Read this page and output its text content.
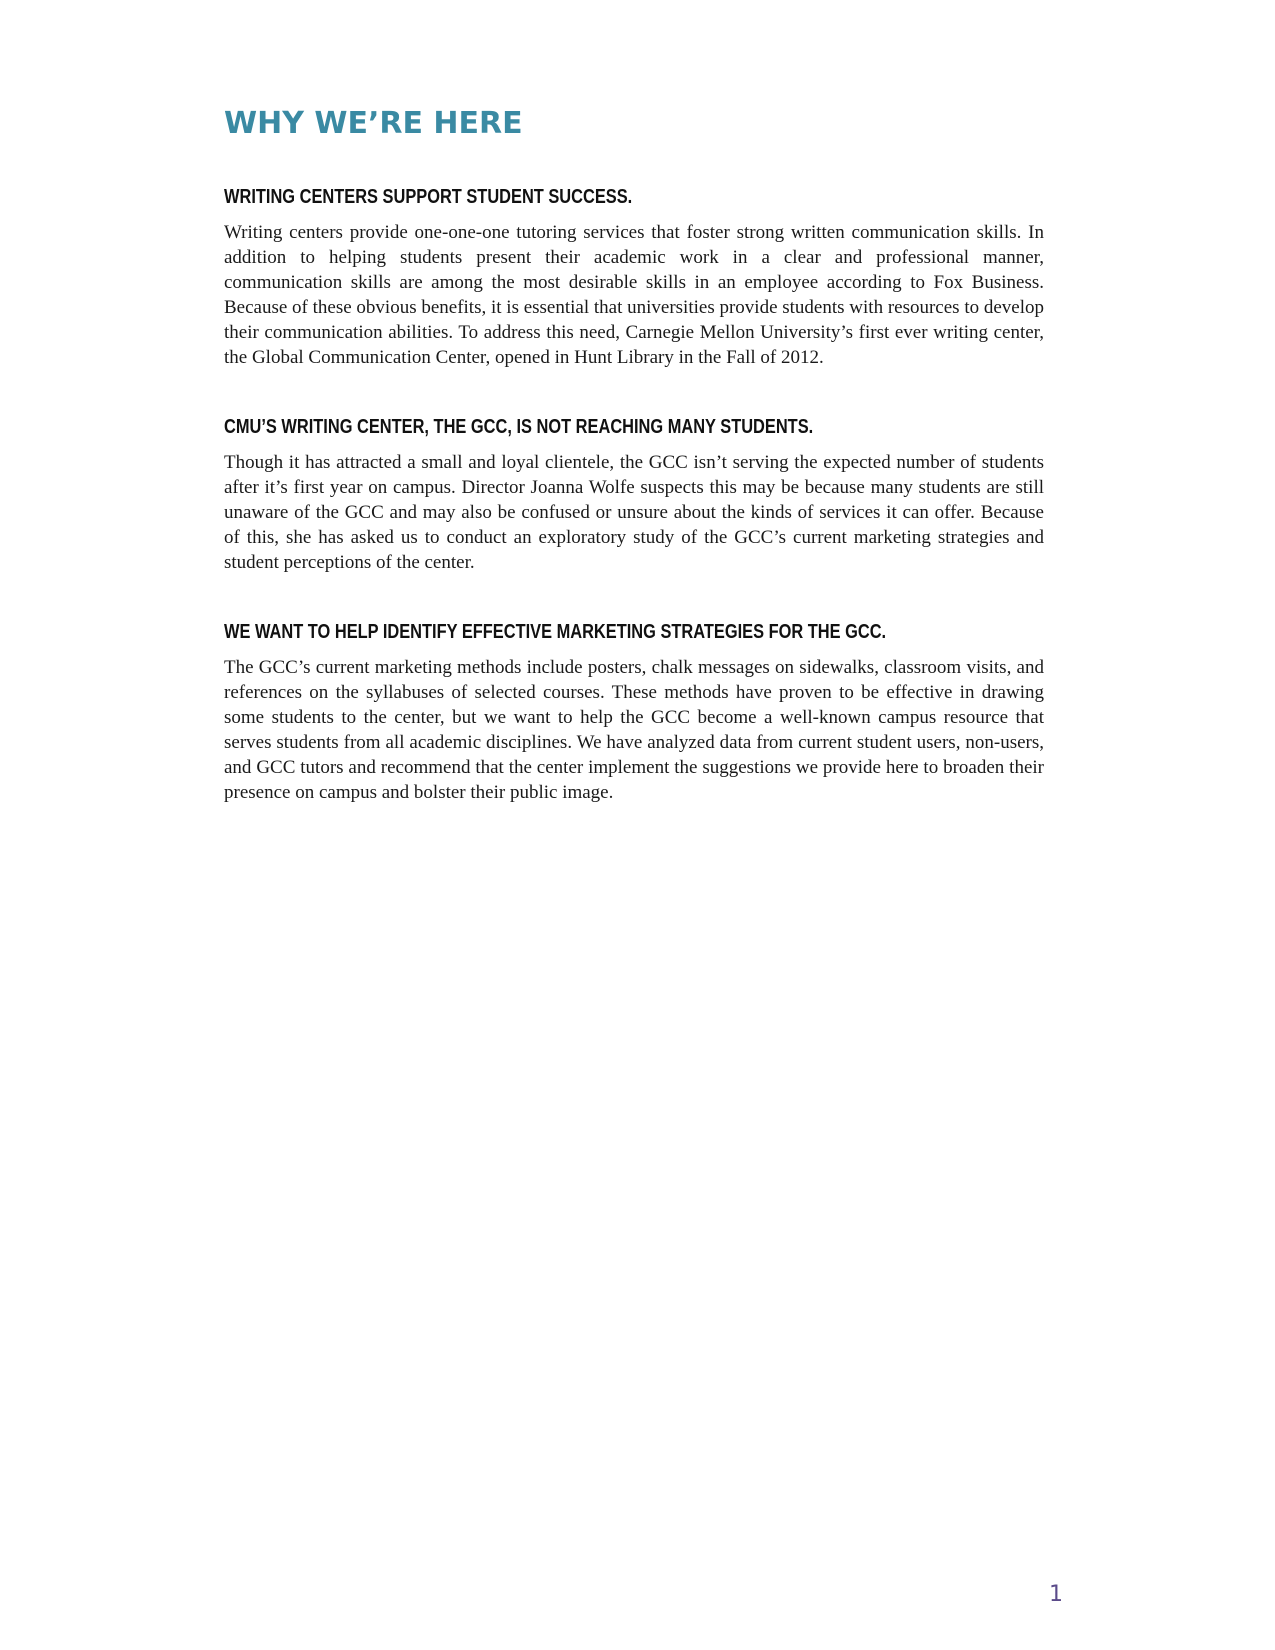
WHY WE’RE HERE
WRITING CENTERS SUPPORT STUDENT SUCCESS.

Writing centers provide one-one-one tutoring services that foster strong written communication skills. In addition to helping students present their academic work in a clear and professional manner, communication skills are among the most desirable skills in an employee according to Fox Business. Because of these obvious benefits, it is essential that universities provide students with resources to develop their communication abilities. To address this need, Carnegie Mellon University’s first ever writing center, the Global Communication Center, opened in Hunt Library in the Fall of 2012.

CMU’S WRITING CENTER, THE GCC, IS NOT REACHING MANY STUDENTS.

Though it has attracted a small and loyal clientele, the GCC isn’t serving the expected number of students after it’s first year on campus. Director Joanna Wolfe suspects this may be because many students are still unaware of the GCC and may also be confused or unsure about the kinds of services it can offer. Because of this, she has asked us to conduct an exploratory study of the GCC’s current marketing strategies and student perceptions of the center.

WE WANT TO HELP IDENTIFY EFFECTIVE MARKETING STRATEGIES FOR THE GCC.

The GCC’s current marketing methods include posters, chalk messages on sidewalks, classroom visits, and references on the syllabuses of selected courses. These methods have proven to be effective in drawing some students to the center, but we want to help the GCC become a well-known campus resource that serves students from all academic disciplines. We have analyzed data from current student users, non-users, and GCC tutors and recommend that the center implement the suggestions we provide here to broaden their presence on campus and bolster their public image.

1
